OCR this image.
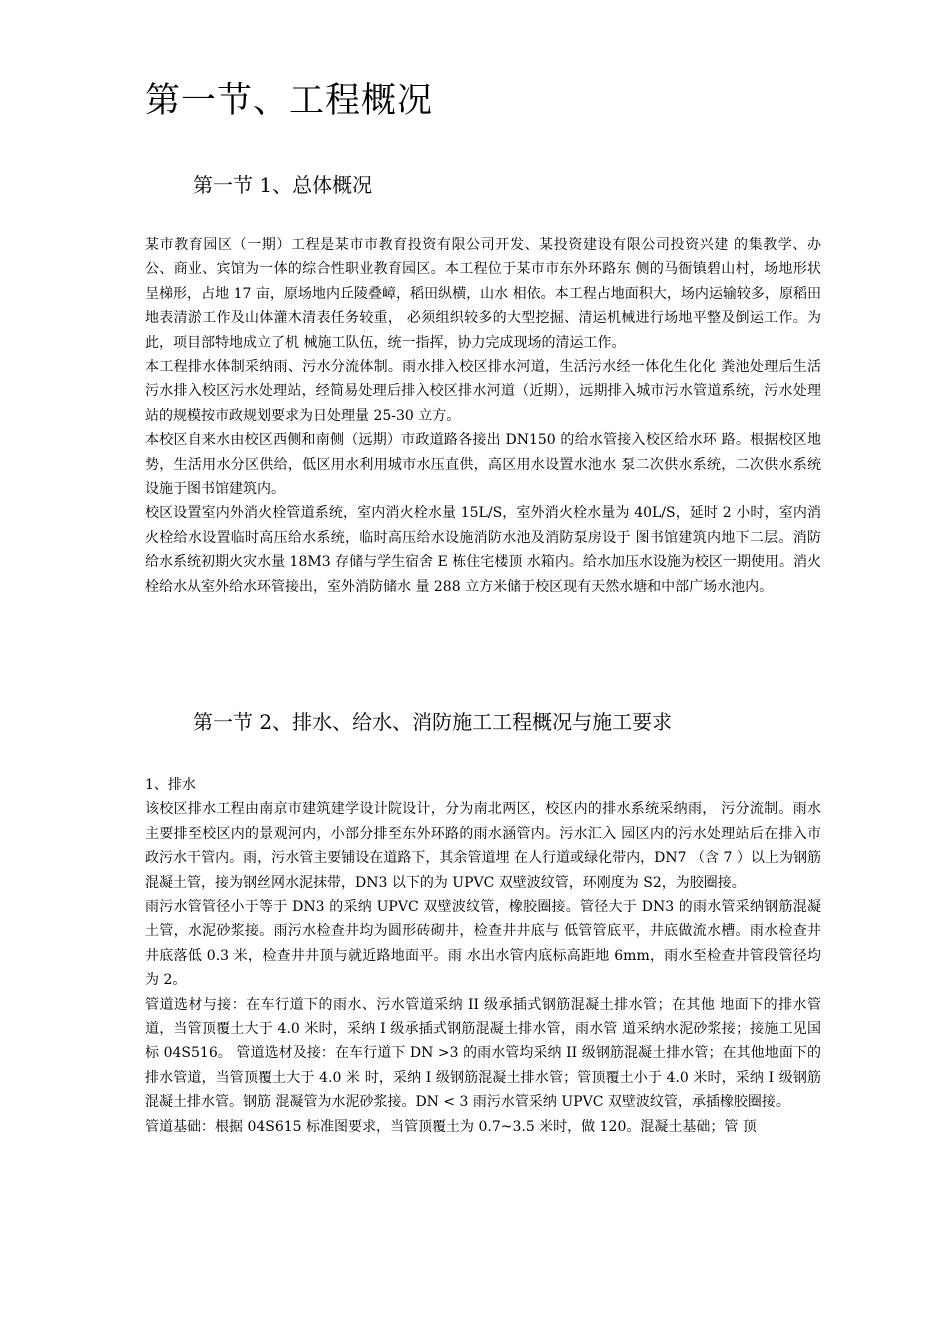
第一节、工程概况
第一节 1、总体概况

某市教育园区（一期）工程是某市市教育投资有限公司开发、某投资建设有限公司投资兴建 的集教学、办公、商业、宾馆为一体的综合性职业教育园区。本工程位于某市市东外环路东 侧的马衙镇碧山村，场地形状呈梯形，占地 17 亩，原场地内丘陵叠嶂，稻田纵横，山水 相依。本工程占地面积大，场内运输较多，原稻田地表清淤工作及山体灌木清表任务较重， 必须组织较多的大型挖掘、清运机械进行场地平整及倒运工作。为此，项目部特地成立了机 械施工队伍，统一指挥，协力完成现场的清运工作。

本工程排水体制采纳雨、污水分流体制。雨水排入校区排水河道，生活污水经一体化生化化 粪池处理后生活污水排入校区污水处理站，经简易处理后排入校区排水河道（近期），远期排入城市污水管道系统，污水处理站的规模按市政规划要求为日处理量 25-30 立方。

本校区自来水由校区西侧和南侧（远期）市政道路各接出 DN150 的给水管接入校区给水环 路。根据校区地势，生活用水分区供给，低区用水利用城市水压直供，高区用水设置水池水 泵二次供水系统，二次供水系统设施于图书馆建筑内。

校区设置室内外消火栓管道系统，室内消火栓水量 15L/S，室外消火栓水量为 40L/S，延时 2 小时，室内消火栓给水设置临时高压给水系统，临时高压给水设施消防水池及消防泵房设于 图书馆建筑内地下二层。消防给水系统初期火灾水量 18M3 存储与学生宿舍 E 栋住宅楼顶 水箱内。给水加压水设施为校区一期使用。消火栓给水从室外给水环管接出，室外消防储水 量 288 立方米储于校区现有天然水塘和中部广场水池内。

第一节 2、排水、给水、消防施工工程概况与施工要求

1、排水

该校区排水工程由南京市建筑建学设计院设计，分为南北两区，校区内的排水系统采纳雨， 污分流制。雨水主要排至校区内的景观河内，小部分排至东外环路的雨水涵管内。污水汇入 园区内的污水处理站后在排入市政污水干管内。雨，污水管主要铺设在道路下，其余管道埋 在人行道或绿化带内，DN7 （含 7 ）以上为钢筋混凝土管，接为钢丝网水泥抹带，DN3 以下的为 UPVC 双壁波纹管，环刚度为 S2，为胶圈接。

雨污水管管径小于等于 DN3 的采纳 UPVC 双壁波纹管，橡胶圈接。管径大于 DN3 的雨水管采纳钢筋混凝土管，水泥砂浆接。雨污水检查井均为圆形砖砌井，检查井井底与 低管管底平，井底做流水槽。雨水检查井井底落低 0.3 米，检查井井顶与就近路地面平。雨 水出水管内底标高距地 6mm，雨水至检查井管段管径均为 2。

管道选材与接：在车行道下的雨水、污水管道采纳 II 级承插式钢筋混凝土排水管；在其他 地面下的排水管道，当管顶覆土大于 4.0 米时，采纳 I 级承插式钢筋混凝土排水管，雨水管 道采纳水泥砂浆接；接施工见国标 04S516。 管道选材及接：在车行道下 DN >3 的雨水管均采纳 II 级钢筋混凝土排水管；在其他地面下的排水管道，当管顶覆土大于 4.0 米 时，采纳 I 级钢筋混凝土排水管；管顶覆土小于 4.0 米时，采纳 I 级钢筋混凝土排水管。钢筋 混凝管为水泥砂浆接。DN < 3 雨污水管采纳 UPVC 双壁波纹管，承插橡胶圈接。

管道基础：根据 04S615 标准图要求，当管顶覆土为 0.7~3.5 米时，做 120。混凝土基础；管 顶
